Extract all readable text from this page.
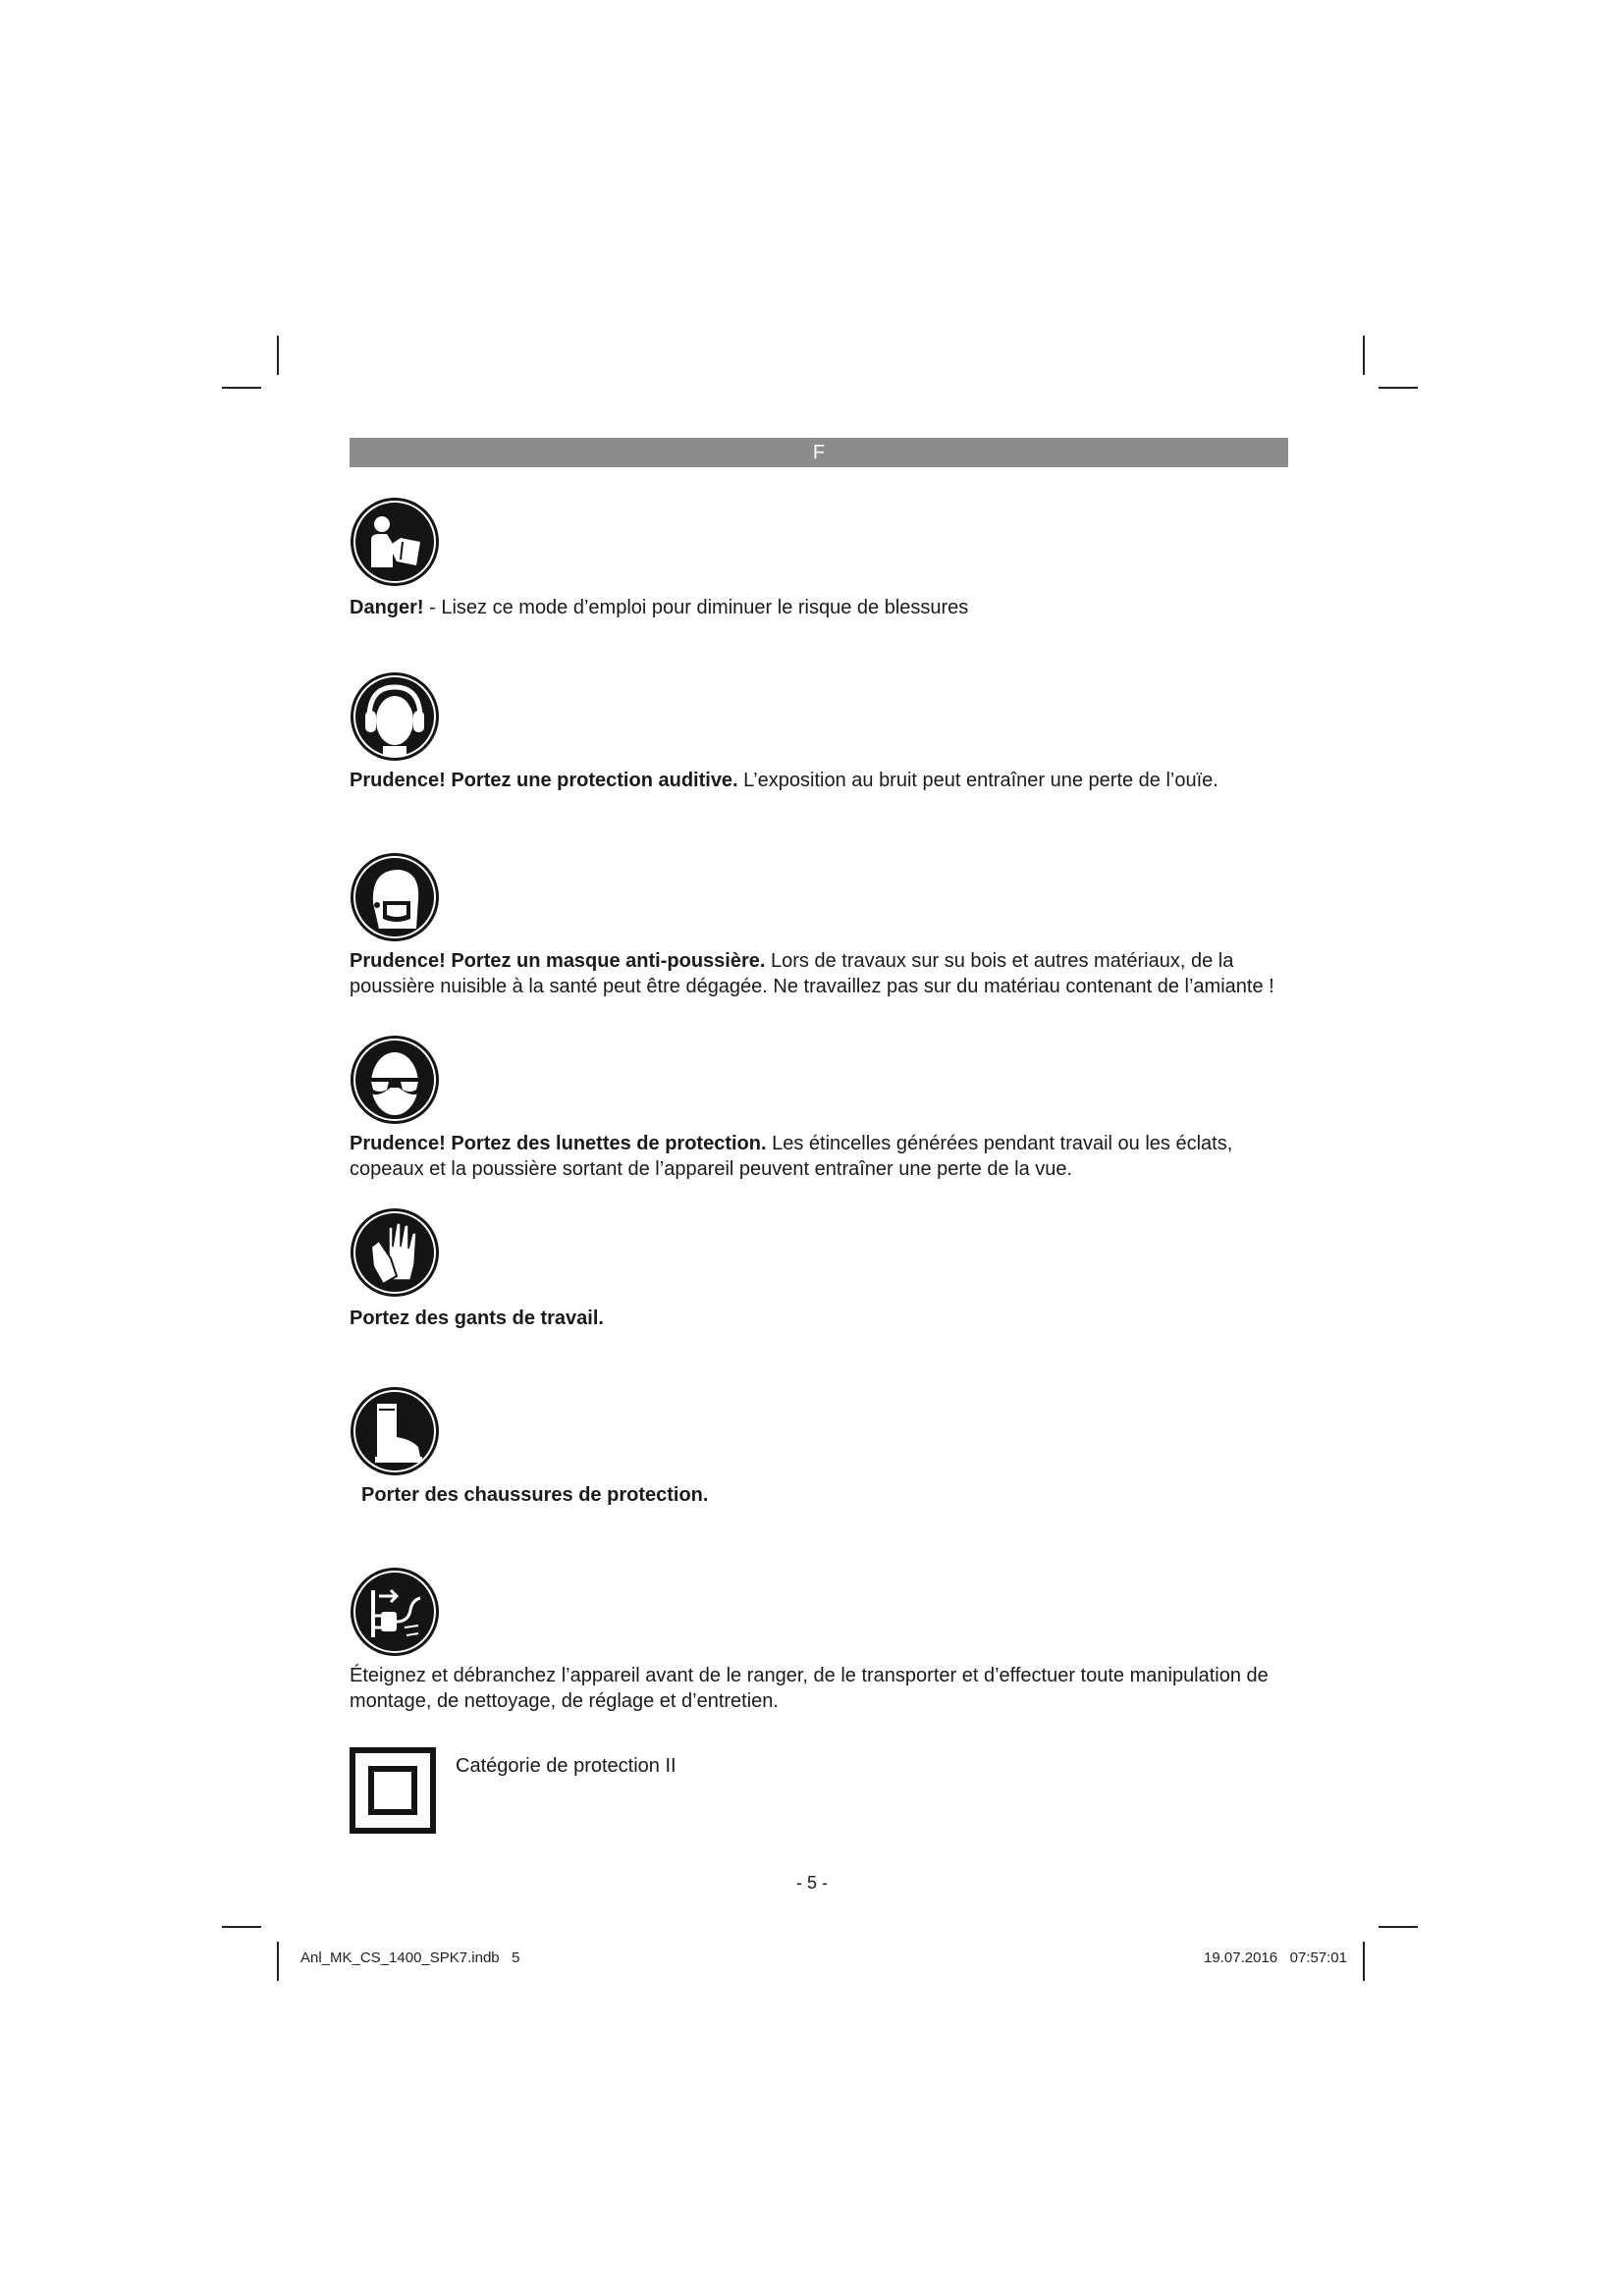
F
Danger! - Lisez ce mode d’emploi pour diminuer le risque de blessures
Prudence! Portez une protection auditive. L’exposition au bruit peut entraîner une perte de l’ouïe.
Prudence! Portez un masque anti-poussière. Lors de travaux sur su bois et autres matériaux, de la poussière nuisible à la santé peut être dégagée. Ne travaillez pas sur du matériau contenant de l’amiante !
Prudence! Portez des lunettes de protection. Les étincelles générées pendant travail ou les éclats, copeaux et la poussière sortant de l’appareil peuvent entraîner une perte de la vue.
Portez des gants de travail.
Porter des chaussures de protection.
Éteignez et débranchez l’appareil avant de le ranger, de le transporter et d’effectuer toute manipulation de montage, de nettoyage, de réglage et d’entretien.
Catégorie de protection II
- 5 -
Anl_MK_CS_1400_SPK7.indb   5	19.07.2016   07:57:01
